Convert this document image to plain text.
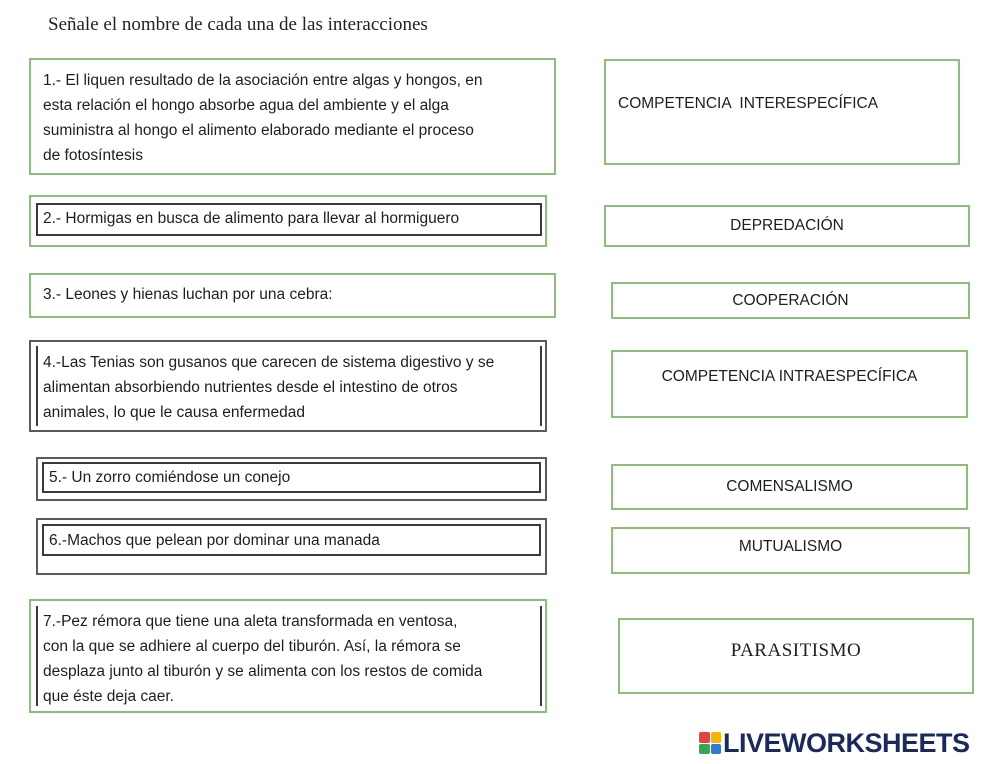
Señale el nombre de cada una de las interacciones
1.- El liquen resultado de la asociación entre algas y hongos, en
esta relación el hongo absorbe agua del ambiente y el alga
suministra al hongo el alimento elaborado mediante el proceso
de fotosíntesis
2.- Hormigas en busca de alimento para llevar al hormiguero
3.- Leones y hienas luchan por una cebra:
4.-Las Tenias son gusanos que carecen de sistema digestivo y se
alimentan absorbiendo nutrientes desde el intestino de otros
animales, lo que le causa enfermedad
5.- Un zorro comiéndose un conejo
6.-Machos que pelean por dominar una manada
7.-Pez rémora que tiene una aleta transformada en ventosa,
con la que se adhiere al cuerpo del tiburón. Así, la rémora se
desplaza junto al tiburón y se alimenta con los restos de comida
que éste deja caer.
COMPETENCIA  INTERESPECÍFICA
DEPREDACIÓN
COOPERACIÓN
COMPETENCIA INTRAESPECÍFICA
COMENSALISMO
MUTUALISMO
PARASITISMO
LIVEWORKSHEETS
